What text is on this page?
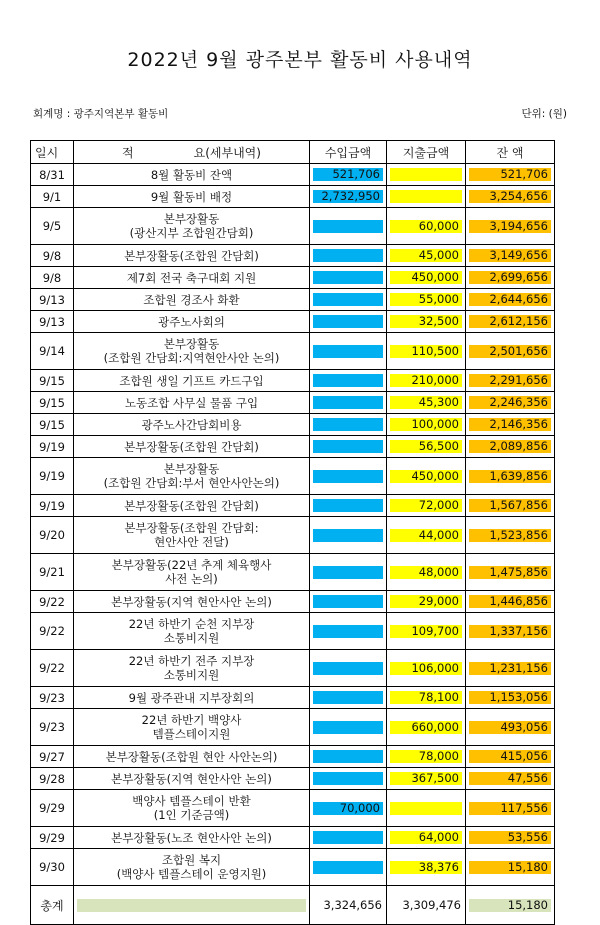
2022년 9월 광주본부 활동비 사용내역
회계명 : 광주지역본부 활동비	단위: (원)
일시	적 요(세부내역)	수입금액	지출금액	잔 액
8/31	8월 활동비 잔액	521,706		521,706

9/1	9월 활동비 배정	2,732,950		3,254,656

9/5	본부장활동
(광산지부 조합원간담회)		60,000	3,194,656

9/8	본부장활동(조합원 간담회)		45,000	3,149,656

9/8	제7회 전국 축구대회 지원		450,000	2,699,656

9/13	조합원 경조사 화환		55,000	2,644,656

9/13	광주노사회의		32,500	2,612,156

9/14	본부장활동
(조합원 간담회:지역현안사안 논의)		110,500	2,501,656

9/15	조합원 생일 기프트 카드구입		210,000	2,291,656

9/15	노동조합 사무실 물품 구입		45,300	2,246,356

9/15	광주노사간담회비용		100,000	2,146,356

9/19	본부장활동(조합원 간담회)		56,500	2,089,856

9/19	본부장활동
(조합원 간담회:부서 현안사안논의)		450,000	1,639,856

9/19	본부장활동(조합원 간담회)		72,000	1,567,856

9/20	본부장활동(조합원 간담회:
현안사안 전달)		44,000	1,523,856

9/21	본부장활동(22년 추계 체육행사
사전 논의)		48,000	1,475,856

9/22	본부장활동(지역 현안사안 논의)		29,000	1,446,856

9/22	22년 하반기 순천 지부장
소통비지원		109,700	1,337,156

9/22	22년 하반기 전주 지부장
소통비지원		106,000	1,231,156

9/23	9월 광주관내 지부장회의		78,100	1,153,056

9/23	22년 하반기 백양사
템플스테이지원		660,000	493,056

9/27	본부장활동(조합원 현안 사안논의)		78,000	415,056

9/28	본부장활동(지역 현안사안 논의)		367,500	47,556

9/29	백양사 템플스테이 반환
(1인 기준금액)	70,000		117,556

9/29	본부장활동(노조 현안사안 논의)		64,000	53,556

9/30	조합원 복지
(백양사 템플스테이 운영지원)		38,376	15,180

총계		3,324,656	3,309,476	15,180
